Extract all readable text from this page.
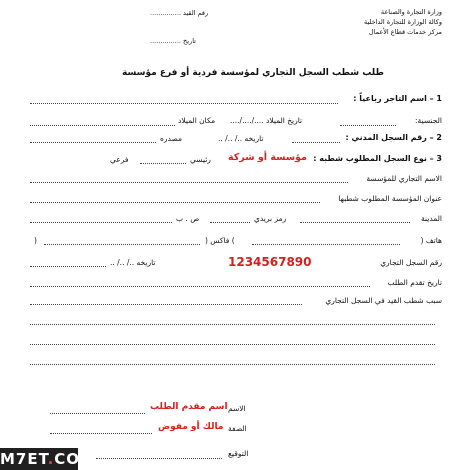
وزارة التجارة والصناعة
وكالة الوزارة للتجارة الداخلية
مركز خدمات قطاع الأعمال
رقم القيد ...............
تاريخ ...............
طلب شطب السجل التجاري لمؤسسة فردية أو فرع مؤسسة
1 – اسم التاجر رباعياً :
الجنسية:
تاريخ الميلاد ..../..../....
مكان الميلاد
2 – رقم السجل المدني :
تاريخه ../ ../ ..
مصدره
3 – نوع السجل المطلوب شطبه :
مؤسسة أو شركة
رئيسي
فرعي
الاسم التجاري للمؤسسة
عنوان المؤسسة المطلوب شطبها
المدينة
رمز بريدي
ص . ب
هاتف (
) فاكس (
(
رقم السجل التجاري
1234567890
تاريخه ../ ../ ..
تاريخ تقدم الطلب
سبب شطب القيد في السجل التجاري
الاسم
اسم مقدم الطلب
الصفة
مالك أو مفوض
التوقيع
M7ET.COM
